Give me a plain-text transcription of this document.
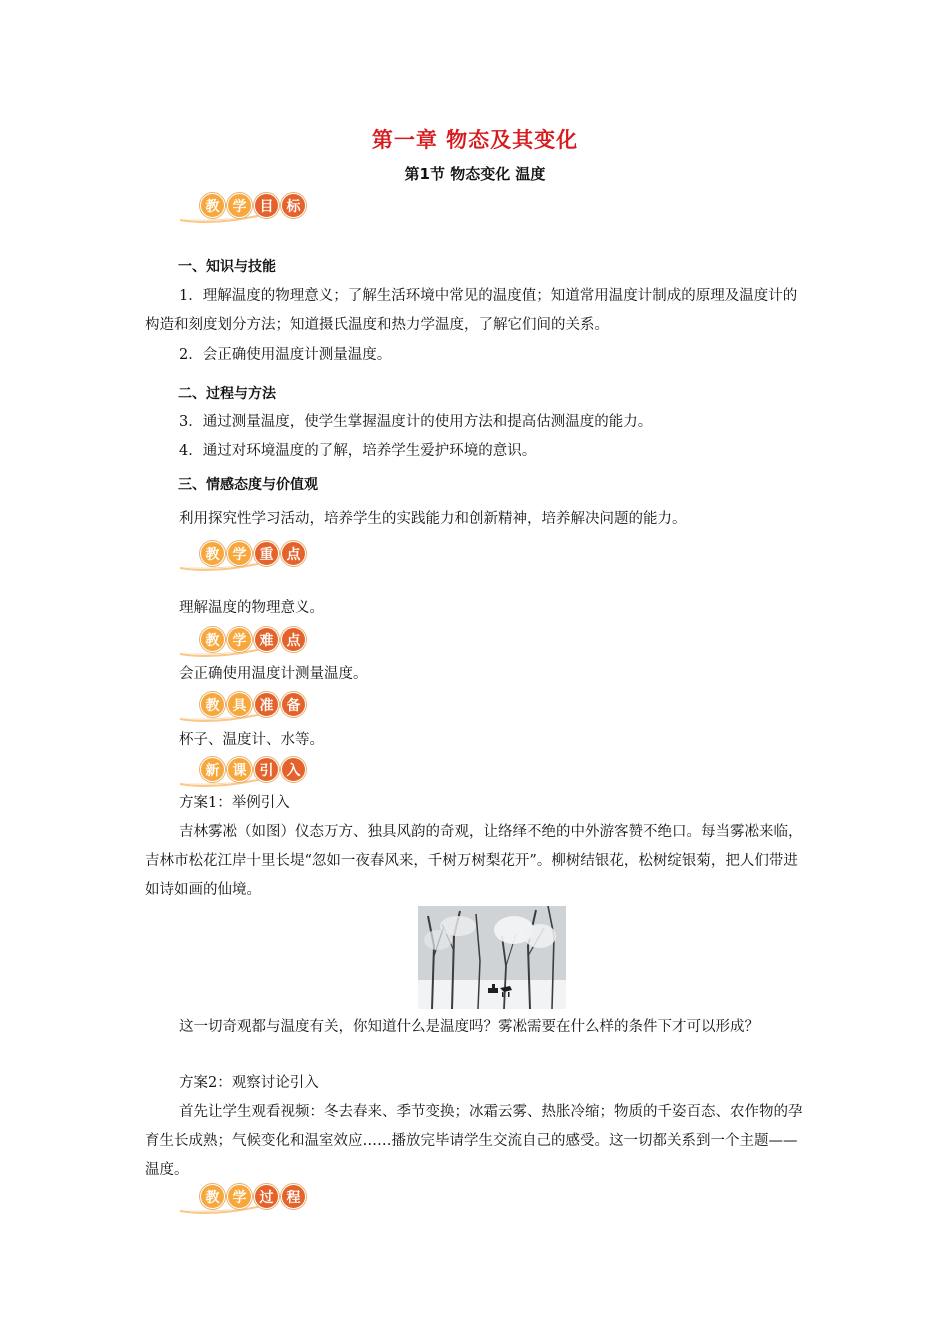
第一章 物态及其变化
第1节 物态变化 温度
教 学 目 标
一、知识与技能
1．理解温度的物理意义；了解生活环境中常见的温度值；知道常用温度计制成的原理及温度计的构造和刻度划分方法；知道摄氏温度和热力学温度，了解它们间的关系。
2．会正确使用温度计测量温度。
二、过程与方法
3．通过测量温度，使学生掌握温度计的使用方法和提高估测温度的能力。
4．通过对环境温度的了解，培养学生爱护环境的意识。
三、情感态度与价值观
利用探究性学习活动，培养学生的实践能力和创新精神，培养解决问题的能力。
教 学 重 点
理解温度的物理意义。
教 学 难 点
会正确使用温度计测量温度。
教 具 准 备
杯子、温度计、水等。
新 课 引 入
方案1：举例引入
吉林雾凇（如图）仪态万方、独具风韵的奇观，让络绎不绝的中外游客赞不绝口。每当雾凇来临，吉林市松花江岸十里长堤“忽如一夜春风来，千树万树梨花开”。柳树结银花，松树绽银菊，把人们带进如诗如画的仙境。
这一切奇观都与温度有关，你知道什么是温度吗？雾凇需要在什么样的条件下才可以形成？
方案2：观察讨论引入
首先让学生观看视频：冬去春来、季节变换；冰霜云雾、热胀冷缩；物质的千姿百态、农作物的孕育生长成熟；气候变化和温室效应……播放完毕请学生交流自己的感受。这一切都关系到一个主题——温度。
教 学 过 程
